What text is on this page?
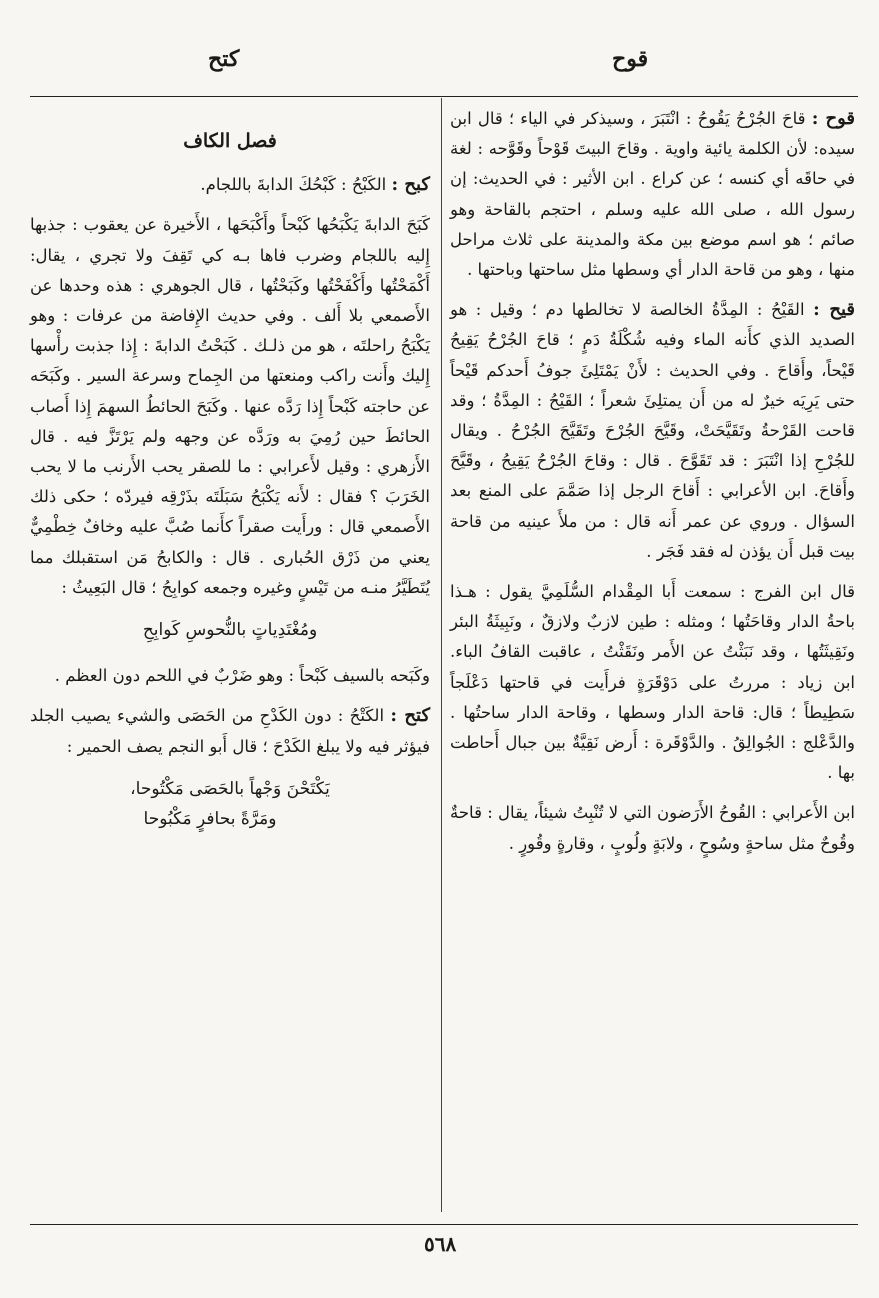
كتح	قوح

قوح : قاحَ الجُرْحُ يَقُوحُ : انْتَبَرَ ، وسيذكر في الياء ؛ قال ابن سيده: لأن الكلمة يائية واوية . وقاحَ البيتَ قَوْحاً وقَوَّحه : لغة في حاقَه أي كنسه ؛ عن كراع . ابن الأثير : في الحديث: إن رسول الله ، صلى الله عليه وسلم ، احتجم بالقاحة وهو صائم ؛ هو اسم موضع بين مكة والمدينة على ثلاث مراحل منها ، وهو من قاحة الدار أي وسطها مثل ساحتها وباحتها .

قيح : القَيْحُ : المِدَّةُ الخالصة لا تخالطها دم ؛ وقيل : هو الصديد الذي كأَنه الماء وفيه شُكْلَةُ دَمٍ ؛ قاحَ الجُرْحُ يَقِيحُ قَيْحاً، وأَقاحَ . وفي الحديث : لأَنْ يَمْتَلِئَ جوفُ أَحدكم قَيْحاً حتى يَرِيَه خيرٌ له من أَن يمتلِئَ شعراً ؛ القَيْحُ : المِدَّةُ ؛ وقد قاحت القَرْحةُ وتَقَيَّحَتْ، وقَيَّحَ الجُرْحَ وتَقَيَّحَ الجُرْحُ . ويقال للجُرْحِ إذا انْتَبَرَ : قد تَقَوَّحَ . قال : وقاحَ الجُرْحُ يَقِيحُ ، وقَيَّحَ وأَقاحَ. ابن الأعرابي : أَقاحَ الرجل إذا صَمَّمَ على المنع بعد السؤال . وروي عن عمر أَنه قال : من ملأَ عينيه من قاحة بيت قبل أَن يؤذن له فقد فَجَر .

قال ابن الفرج : سمعت أَبا المِقْدام السُّلَمِيَّ يقول : هـذا باحةُ الدار وقاحَتُها ؛ ومثله : طين لازبٌ ولازقٌ ، ونَبِيثَةُ البئر ونَقِيثَتُها ، وقد نَبَثْتُ عن الأَمر ونَقَثْتُ ، عاقبت القافُ الباء. ابن زياد : مررتُ على دَوْقَرَةٍ فرأَيت في قاحتها دَعْلَجاً سَطِيطاً ؛ قال: قاحة الدار وسطها ، وقاحة الدار ساحتُها . والدَّعْلج : الجُوالِقُ . والدَّوْقَرة : أَرض نَقِيَّةٌ بين جبال أَحاطت بها .

ابن الأَعرابي : القُوحُ الأَرَضون التي لا تُنْبِتُ شيئاً، يقال : قاحةٌ وقُوحٌ مثل ساحةٍ وسُوحٍ ، ولابَةٍ ولُوبٍ ، وقارةٍ وقُورٍ .

فصل الكاف

كبح : الكَبْحُ : كَبْحُكَ الدابةَ باللجام.

كَبَحَ الدابةَ يَكْبَحُها كَبْحاً وأَكْبَحَها ، الأَخيرة عن يعقوب : جذبها إِليه باللجام وضرب فاها بـه كي تَقِفَ ولا تجري ، يقال: أَكْمَحْتُها وأَكْفَحْتُها وكَبَحْتُها ، قال الجوهري : هذه وحدها عن الأَصمعي بلا أَلف . وفي حديث الإِفاضة من عرفات : وهو يَكْبَحُ راحلتَه ، هو من ذلـك . كَبَحْتُ الدابةَ : إِذا جذبت رأْسها إِليك وأَنت راكب ومنعتها من الجِماح وسرعة السير . وكَبَحَه عن حاجته كَبْحاً إِذا رَدَّه عنها . وكَبَحَ الحائطُ السهمَ إِذا أَصاب الحائطَ حين رُمِيَ به ورَدَّه عن وجهه ولم يَرْتَزَّ فيه . قال الأَزهري : وقيل لأَعرابي : ما للصقر يحب الأَرنب ما لا يحب الخَرَبَ ؟ فقال : لأَنه يَكْبَحُ سَبَلَتَه بذَرْقِه فيردّه ؛ حكى ذلك الأَصمعي قال : ورأَيت صقراً كأَنما صُبَّ عليه وخافٌ خِطْمِيٌّ يعني من ذَرْق الحُبارى . قال : والكابحُ مَن استقبلك مما يُتَطَيَّرُ منـه من تَيْسٍ وغيره وجمعه كوابِحُ ؛ قال البَعِيثُ :

ومُغْتَدِياتٍ بالنُّحوسِ كَوابِحِ

وكَبَحه بالسيف كَبْحاً : وهو ضَرْبٌ في اللحم دون العظم .

كتح : الكَتْحُ : دون الكَدْحِ من الحَصَى والشيء يصيب الجلد فيؤثر فيه ولا يبلغ الكَدْحَ ؛ قال أَبو النجم يصف الحمير :

يَكْتَحْنَ وَجْهاً بالحَصَى مَكْتُوحا،
ومَرَّةً بحافرٍ مَكْبُوحا
٥٦٨
